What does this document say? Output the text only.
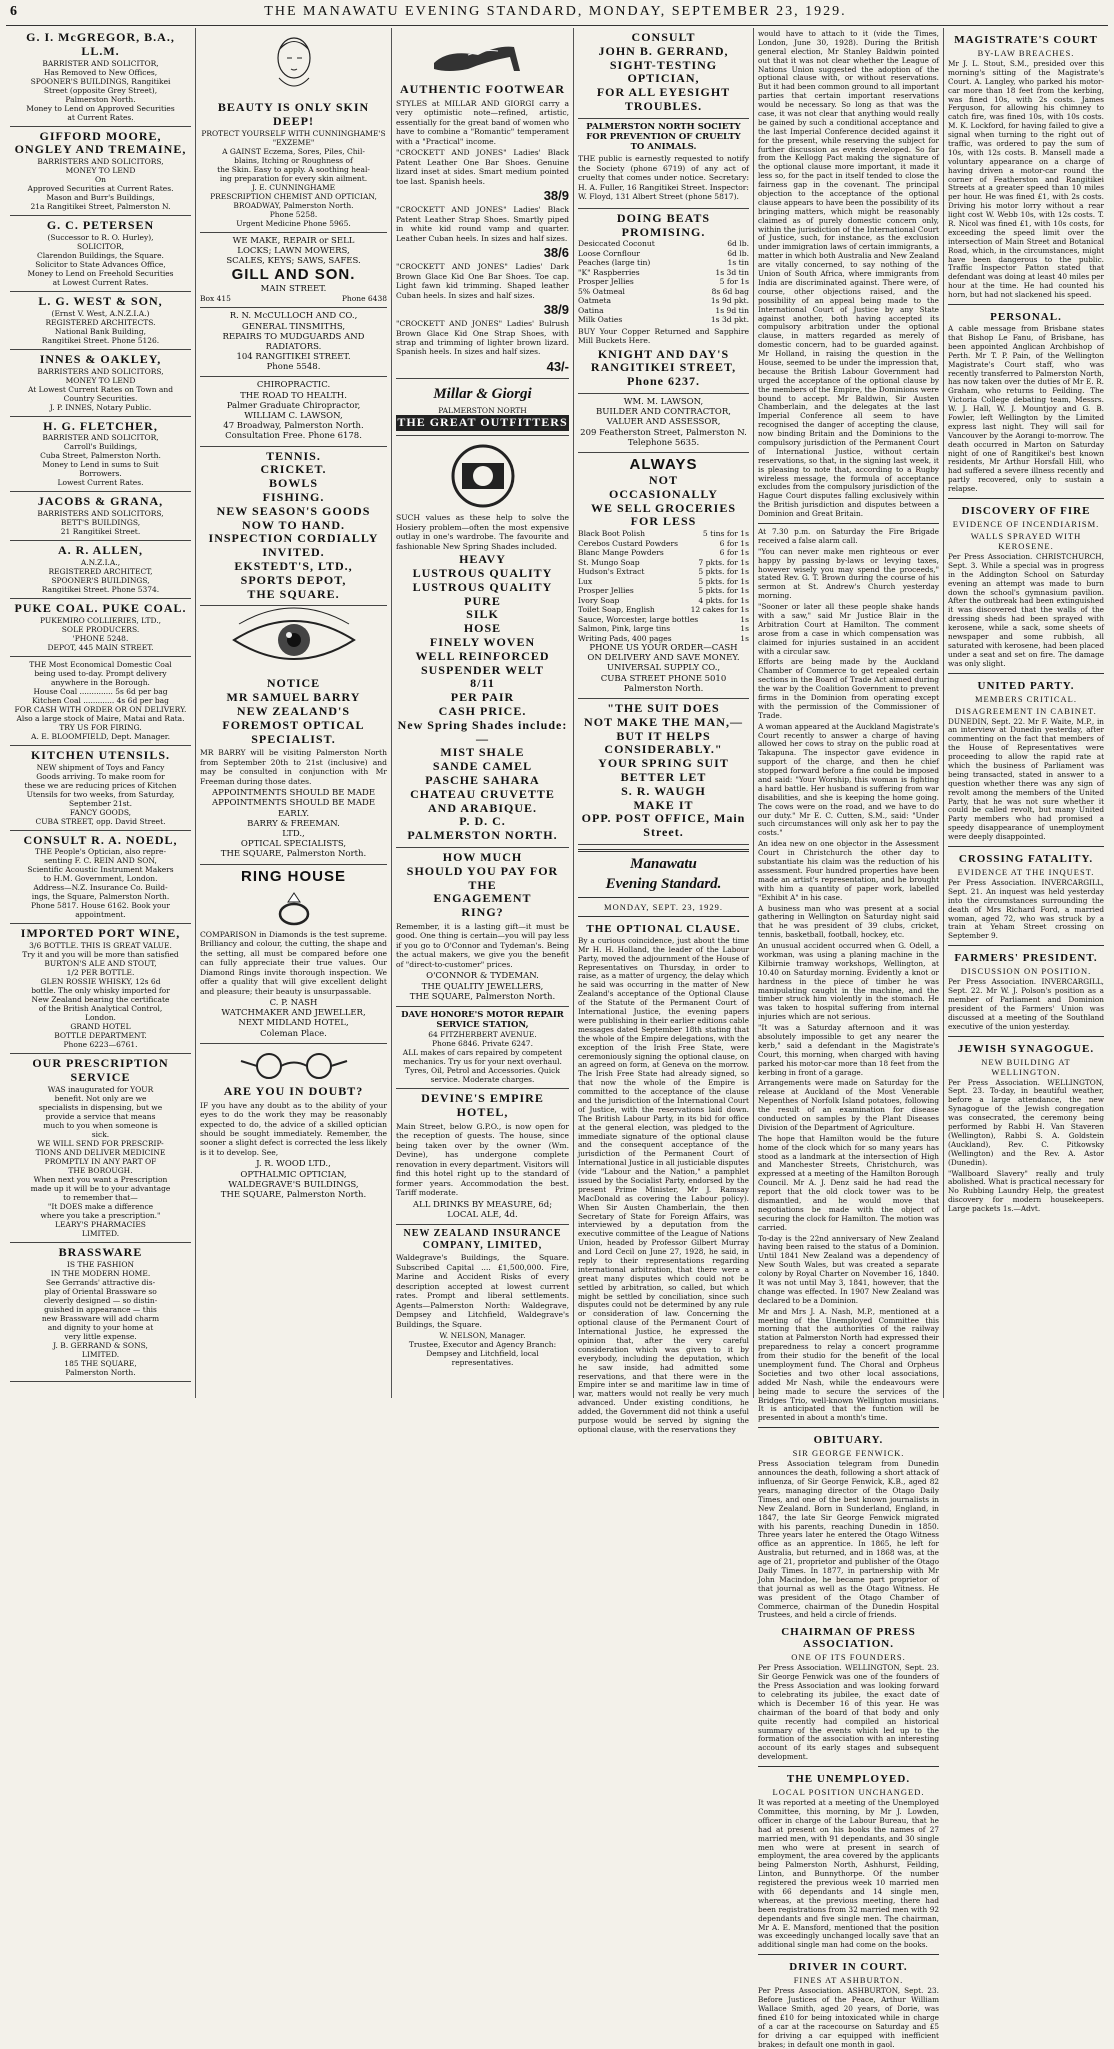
6	THE MANAWATU EVENING STANDARD, MONDAY, SEPTEMBER 23, 1929.
G. I. McGREGOR, B.A., LL.M.
BARRISTER AND SOLICITOR,
Has Removed to New Offices,
SPOONER'S BUILDINGS, Rangitikei
Street (opposite Grey Street),
Palmerston North.
Money to Lend on Approved Securities
at Current Rates.
GIFFORD MOORE, ONGLEY AND TREMAINE,
BARRISTERS AND SOLICITORS,
MONEY TO LEND
On
Approved Securities at Current Rates.
Mason and Burr's Buildings,
21a Rangitikei Street, Palmerston N.
G. C. PETERSEN
(Successor to R. O. Hurley),
SOLICITOR,
Clarendon Buildings, the Square.
Solicitor to State Advances Office,
Money to Lend on Freehold Securities
at Lowest Current Rates.
L. G. WEST & SON,
(Ernst V. West, A.N.Z.I.A.)
REGISTERED ARCHITECTS.
National Bank Building,
Rangitikei Street. Phone 5126.
INNES & OAKLEY,
BARRISTERS AND SOLICITORS,
MONEY TO LEND
At Lowest Current Rates on Town and
Country Securities.
J. P. INNES, Notary Public.
H. G. FLETCHER,
BARRISTER AND SOLICITOR,
Carroll's Buildings,
Cuba Street, Palmerston North.
Money to Lend in sums to Suit
Borrowers.
Lowest Current Rates.
JACOBS & GRANA,
BARRISTERS AND SOLICITORS,
BETT'S BUILDINGS,
21 Rangitikei Street.
A. R. ALLEN,
A.N.Z.I.A.,
REGISTERED ARCHITECT,
SPOONER'S BUILDINGS,
Rangitikei Street. Phone 5374.
PUKE COAL. PUKE COAL.
PUKEMIRO COLLIERIES, LTD.,
SOLE PRODUCERS.
'PHONE 5248.
DEPOT, 445 MAIN STREET.
THE Most Economical Domestic Coal
being used to-day. Prompt delivery
anywhere in the Borough.
House Coal .............. 5s 6d per bag
Kitchen Coal ............. 4s 6d per bag
FOR CASH WITH ORDER OR ON DELIVERY.
Also a large stock of Maire, Matai and Rata.
TRY US FOR FIRING.
A. E. BLOOMFIELD, Dept. Manager.
KITCHEN UTENSILS.
NEW shipment of Toys and Fancy
Goods arriving. To make room for
these we are reducing prices of Kitchen
Utensils for two weeks, from Saturday,
September 21st.
FANCY GOODS,
CUBA STREET, opp. David Street.
CONSULT R. A. NOEDL,
THE People's Optician, also repre-
senting F. C. REIN AND SON,
Scientific Acoustic Instrument Makers
to H.M. Government, London.
Address—N.Z. Insurance Co. Build-
ings, the Square, Palmerston North.
Phone 5817. House 6162. Book your
appointment.
IMPORTED PORT WINE,
3/6 BOTTLE. THIS IS GREAT VALUE.
Try it and you will be more than satisfied
BURTON'S ALE AND STOUT,
1/2 PER BOTTLE.
GLEN ROSSIE WHISKY, 12s 6d
bottle. The only whisky imported for
New Zealand bearing the certificate
of the British Analytical Control,
London.
GRAND HOTEL
BOTTLE DEPARTMENT.
Phone 6223—6761.
OUR PRESCRIPTION SERVICE
WAS inaugurated for YOUR
benefit. Not only are we
specialists in dispensing, but we
provide a service that means
much to you when someone is
sick.
WE WILL SEND FOR PRESCRIP-
TIONS AND DELIVER MEDICINE
PROMPTLY IN ANY PART OF
THE BOROUGH.
When next you want a Prescription
made up it will be to your advantage
to remember that—
"It DOES make a difference
where you take a prescription."
LEARY'S PHARMACIES
LIMITED.
BRASSWARE
IS THE FASHION
IN THE MODERN HOME.
See Gerrands' attractive dis-
play of Oriental Brassware so
cleverly designed — so distin-
guished in appearance — this
new Brassware will add charm
and dignity to your home at
very little expense.
J. B. GERRAND & SONS,
LIMITED.
185 THE SQUARE,
Palmerston North.
BEAUTY IS ONLY SKIN DEEP!
PROTECT YOURSELF WITH CUNNINGHAME'S
"EXZEME"
A GAINST Eczema, Sores, Piles, Chil-
blains, Itching or Roughness of
the Skin. Easy to apply. A soothing heal-
ing preparation for every skin ailment.
J. E. CUNNINGHAME
PRESCRIPTION CHEMIST AND OPTICIAN,
BROADWAY, Palmerston North.
Phone 5258.
Urgent Medicine Phone 5965.
WE MAKE, REPAIR or SELL
LOCKS; LAWN MOWERS,
SCALES, KEYS; SAWS, SAFES.
GILL AND SON.
MAIN STREET.
Box 415	Phone 6438
R. N. McCULLOCH AND CO.,
GENERAL TINSMITHS,
REPAIRS TO MUDGUARDS AND
RADIATORS.
104 RANGITIKEI STREET.
Phone 5548.
CHIROPRACTIC.
THE ROAD TO HEALTH.
Palmer Graduate Chiropractor,
WILLIAM C. LAWSON,
47 Broadway, Palmerston North.
Consultation Free. Phone 6178.
TENNIS.
CRICKET.
BOWLS
FISHING.
NEW SEASON'S GOODS
NOW TO HAND.
INSPECTION CORDIALLY
INVITED.
EKSTEDT'S, LTD.,
SPORTS DEPOT,
THE SQUARE.
NOTICE
MR SAMUEL BARRY
NEW ZEALAND'S
FOREMOST OPTICAL SPECIALIST.
MR BARRY will be visiting Palmerston North from September 20th to 21st (inclusive) and may be consulted in conjunction with Mr Freeman during those dates.
APPOINTMENTS SHOULD BE MADE
APPOINTMENTS SHOULD BE MADE
EARLY.
BARRY & FREEMAN.
LTD.,
OPTICAL SPECIALISTS,
THE SQUARE, Palmerston North.
RING HOUSE
COMPARISON in Diamonds is the test supreme. Brilliancy and colour, the cutting, the shape and the setting, all must be compared before one can fully appreciate their true values. Our Diamond Rings invite thorough inspection. We offer a quality that will give excellent delight and pleasure; their beauty is unsurpassable.
C. P. NASH
WATCHMAKER AND JEWELLER,
NEXT MIDLAND HOTEL,
Coleman Place.
ARE YOU IN DOUBT?
IF you have any doubt as to the ability of your eyes to do the work they may be reasonably expected to do, the advice of a skilled optician should be sought immediately. Remember, the sooner a slight defect is corrected the less likely is it to develop. See,
J. R. WOOD LTD.,
OPTHALMIC OPTICIAN,
WALDEGRAVE'S BUILDINGS,
THE SQUARE, Palmerston North.
AUTHENTIC FOOTWEAR
STYLES at MILLAR AND GIORGI carry a very optimistic note—refined, artistic, essentially for the great band of women who have to combine a "Romantic" temperament with a "Practical" income.
"CROCKETT AND JONES" Ladies' Black Patent Leather One Bar Shoes. Genuine lizard inset at sides. Smart medium pointed toe last. Spanish heels.
38/9
"CROCKETT AND JONES" Ladies' Black Patent Leather Strap Shoes. Smartly piped in white kid round vamp and quarter. Leather Cuban heels. In sizes and half sizes.
38/6
"CROCKETT AND JONES" Ladies' Dark Brown Glace Kid One Bar Shoes. Toe cap. Light fawn kid trimming. Shaped leather Cuban heels. In sizes and half sizes.
38/9
"CROCKETT AND JONES" Ladies' Bulrush Brown Glace Kid One Strap Shoes, with strap and trimming of lighter brown lizard. Spanish heels. In sizes and half sizes.
43/-
Millar & Giorgi
PALMERSTON NORTH
THE GREAT OUTFITTERS
SUCH values as these help to solve the Hosiery problem—often the most expensive outlay in one's wardrobe. The favourite and fashionable New Spring Shades included.
HEAVY
LUSTROUS QUALITY
LUSTROUS QUALITY
PURE
SILK
HOSE
FINELY WOVEN
WELL REINFORCED
SUSPENDER WELT
8/11
PER PAIR
CASH PRICE.
New Spring Shades include:—
MIST SHALE
SANDE CAMEL
PASCHE SAHARA
CHATEAU CRUVETTE
AND ARABIQUE.
P. D. C.
PALMERSTON NORTH.
HOW MUCH
SHOULD YOU PAY FOR THE
ENGAGEMENT
RING?
Remember, it is a lasting gift—it must be good. One thing is certain—you will pay less if you go to O'Connor and Tydeman's. Being the actual makers, we give you the benefit of "direct-to-customer" prices.
O'CONNOR & TYDEMAN.
THE QUALITY JEWELLERS,
THE SQUARE, Palmerston North.
DAVE HONORE'S MOTOR REPAIR SERVICE STATION,
64 FITZHERBERT AVENUE.
Phone 6846. Private 6247.
ALL makes of cars repaired by competent mechanics. Try us for your next overhaul. Tyres, Oil, Petrol and Accessories. Quick service. Moderate charges.
DEVINE'S EMPIRE HOTEL,
Main Street, below G.P.O., is now open for the reception of guests. The house, since being taken over by the owner (Wm. Devine), has undergone complete renovation in every department. Visitors will find this hotel right up to the standard of former years. Accommodation the best. Tariff moderate.
ALL DRINKS BY MEASURE, 6d;
LOCAL ALE, 4d.
NEW ZEALAND INSURANCE COMPANY, LIMITED,
Waldegrave's Buildings, the Square. Subscribed Capital .... £1,500,000. Fire, Marine and Accident Risks of every description accepted at lowest current rates. Prompt and liberal settlements. Agents—Palmerston North: Waldegrave, Dempsey and Litchfield, Waldegrave's Buildings, the Square.
W. NELSON, Manager.
Trustee, Executor and Agency Branch: Dempsey and Litchfield, local representatives.
CONSULT
JOHN B. GERRAND,
SIGHT-TESTING OPTICIAN,
FOR ALL EYESIGHT TROUBLES.
PALMERSTON NORTH SOCIETY FOR PREVENTION OF CRUELTY TO ANIMALS.
THE public is earnestly requested to notify the Society (phone 6719) of any act of cruelty that comes under notice. Secretary: H. A. Fuller, 16 Rangitikei Street. Inspector: W. Floyd, 131 Albert Street (phone 5817).
DOING BEATS PROMISING.
Desiccated Coconut	6d lb.
Loose Cornflour	6d lb.
Peaches (large tin)	1s tin
"K" Raspberries	1s 3d tin
Prosper Jellies	5 for 1s
5% Oatmeal	8s 6d bag
Oatmeta	1s 9d pkt.
Oatina	1s 9d tin
Milk Oaties	1s 3d pkt.
BUY Your Copper Returned and Sapphire Mill Buckets Here.
KNIGHT AND DAY'S
RANGITIKEI STREET, Phone 6237.
WM. M. LAWSON,
BUILDER AND CONTRACTOR, VALUER AND ASSESSOR,
209 Featherston Street, Palmerston N.
Telephone 5635.
ALWAYS
NOT
OCCASIONALLY
WE SELL GROCERIES FOR LESS
Black Boot Polish	5 tins for 1s
Cerebos Custard Powders	6 for 1s
Blanc Mange Powders	6 for 1s
St. Mungo Soap	7 pkts. for 1s
Hudson's Extract	5 pkts. for 1s
Lux	5 pkts. for 1s
Prosper Jellies	5 pkts. for 1s
Ivory Soap	4 pkts. for 1s
Toilet Soap, English	12 cakes for 1s
Sauce, Worcester, large bottles	1s
Salmon, Pink, large tins	1s
Writing Pads, 400 pages	1s
PHONE US YOUR ORDER—CASH
ON DELIVERY AND SAVE MONEY.
UNIVERSAL SUPPLY CO.,
CUBA STREET PHONE 5010
Palmerston North.
"THE SUIT DOES
NOT MAKE THE MAN,—
BUT IT HELPS
CONSIDERABLY."
YOUR SPRING SUIT
BETTER LET
S. R. WAUGH
MAKE IT
OPP. POST OFFICE, Main Street.
Manawatu
Evening Standard.
MONDAY, SEPT. 23, 1929.
THE OPTIONAL CLAUSE.
By a curious coincidence, just about the time Mr H. H. Holland, the leader of the Labour Party, moved the adjournment of the House of Representatives on Thursday, in order to raise, as a matter of urgency, the delay which he said was occurring in the matter of New Zealand's acceptance of the Optional Clause of the Statute of the Permanent Court of International Justice, the evening papers were publishing in their earlier editions cable messages dated September 18th stating that the whole of the Empire delegations, with the exception of the Irish Free State, were ceremoniously signing the optional clause, on an agreed on form, at Geneva on the morrow. The Irish Free State had already signed, so that now the whole of the Empire is committed to the acceptance of the clause and the jurisdiction of the International Court of Justice, with the reservations laid down. The British Labour Party, in its bid for office at the general election, was pledged to the immediate signature of the optional clause and the consequent acceptance of the jurisdiction of the Permanent Court of International Justice in all justiciable disputes (vide "Labour and the Nation," a pamphlet issued by the Socialist Party, endorsed by the present Prime Minister, Mr J. Ramsay MacDonald as covering the Labour policy). When Sir Austen Chamberlain, the then Secretary of State for Foreign Affairs, was interviewed by a deputation from the executive committee of the League of Nations Union, headed by Professor Gilbert Murray and Lord Cecil on June 27, 1928, he said, in reply to their representations regarding international arbitration, that there were a great many disputes which could not be settled by arbitration, so called, but which might be settled by conciliation, since such disputes could not be determined by any rule or consideration of law. Concerning the optional clause of the Permanent Court of International Justice, he expressed the opinion that, after the very careful consideration which was given to it by everybody, including the deputation, which he saw inside, had admitted some reservations, and that there were in the Empire inter se and maritime law in time of war, matters would not really be very much advanced. Under existing conditions, he added, the Government did not think a useful purpose would be served by signing the optional clause, with the reservations they
would have to attach to it (vide the Times, London, June 30, 1928). During the British general election, Mr Stanley Baldwin pointed out that it was not clear whether the League of Nations Union suggested the adoption of the optional clause with, or without reservations. But it had been common ground to all important parties that certain important reservations would be necessary. So long as that was the case, it was not clear that anything would really be gained by such a conditional acceptance and the last Imperial Conference decided against it for the present, while reserving the subject for further discussion as events developed. So far from the Kellogg Pact making the signature of the optional clause more important, it made it less so, for the pact in itself tended to close the fairness gap in the covenant. The principal objection to the acceptance of the optional clause appears to have been the possibility of its bringing matters, which might be reasonably claimed as of purely domestic concern only, within the jurisdiction of the International Court of Justice, such, for instance, as the exclusion under immigration laws of certain immigrants, a matter in which both Australia and New Zealand are vitally concerned, to say nothing of the Union of South Africa, where immigrants from India are discriminated against. There were, of course, other objections raised, and the possibility of an appeal being made to the International Court of Justice by any State against another, both having accepted its compulsory arbitration under the optional clause, in matters regarded as merely of domestic concern, had to be guarded against. Mr Holland, in raising the question in the House, seemed to be under the impression that, because the British Labour Government had urged the acceptance of the optional clause by the members of the Empire, the Dominions were bound to accept. Mr Baldwin, Sir Austen Chamberlain, and the delegates at the last Imperial Conference all seem to have recognised the danger of accepting the clause, now binding Britain and the Dominions to the compulsory jurisdiction of the Permanent Court of International Justice, without certain reservations, so that, in the signing last week, it is pleasing to note that, according to a Rugby wireless message, the formula of acceptance excludes from the compulsory jurisdiction of the Hague Court disputes falling exclusively within the British jurisdiction and disputes between a Dominion and Great Britain.
At 7.30 p.m. on Saturday the Fire Brigade received a false alarm call.
"You can never make men righteous or ever happy by passing by-laws or levying taxes, however wisely you may spend the proceeds," stated Rev. G. T. Brown during the course of his sermon at St. Andrew's Church yesterday morning.
"Sooner or later all these people shake hands with a saw," said Mr Justice Blair in the Arbitration Court at Hamilton. The comment arose from a case in which compensation was claimed for injuries sustained in an accident with a circular saw.
Efforts are being made by the Auckland Chamber of Commerce to get repealed certain sections in the Board of Trade Act aimed during the war by the Coalition Government to prevent firms in the Dominion from operating except with the permission of the Commissioner of Trade.
A woman appeared at the Auckland Magistrate's Court recently to answer a charge of having allowed her cows to stray on the public road at Takapuna. The inspector gave evidence in support of the charge, and then he chief stopped forward before a fine could be imposed and said: "Your Worship, this woman is fighting a hard battle. Her husband is suffering from war disabilities, and she is keeping the home going. The cows were on the road, and we have to do our duty." Mr E. C. Cutten, S.M., said: "Under such circumstances will only ask her to pay the costs."
An idea new on one objector in the Assessment Court in Christchurch the other day to substantiate his claim was the reduction of his assessment. Four hundred properties have been made an artist's representation, and he brought with him a quantity of paper work, labelled "Exhibit A" in his case.
A business man who was present at a social gathering in Wellington on Saturday night said that he was president of 39 clubs, cricket, tennis, basketball, football, hockey, etc.
An unusual accident occurred when G. Odell, a workman, was using a planing machine in the Kilbirnie tramway workshops, Wellington, at 10.40 on Saturday morning. Evidently a knot or hardness in the piece of timber he was manipulating caught in the machine, and the timber struck him violently in the stomach. He was taken to hospital suffering from internal injuries which are not serious.
"It was a Saturday afternoon and it was absolutely impossible to get any nearer the kerb," said a defendant in the Magistrate's Court, this morning, when charged with having parked his motor-car more than 18 feet from the kerbing in front of a garage.
Arrangements were made on Saturday for the release at Auckland of the Most Venerable Nepenthes of Norfolk Island potatoes, following the result of an examination for disease conducted on samples by the Plant Diseases Division of the Department of Agriculture.
The hope that Hamilton would be the future home of the clock which for so many years has stood as a landmark at the intersection of High and Manchester Streets, Christchurch, was expressed at a meeting of the Hamilton Borough Council. Mr A. J. Denz said he had read the report that the old clock tower was to be dismantled, and he would move that negotiations be made with the object of securing the clock for Hamilton. The motion was carried.
To-day is the 22nd anniversary of New Zealand having been raised to the status of a Dominion. Until 1841 New Zealand was a dependency of New South Wales, but was created a separate colony by Royal Charter on November 16, 1840. It was not until May 3, 1841, however, that the change was effected. In 1907 New Zealand was declared to be a Dominion.
Mr and Mrs J. A. Nash, M.P., mentioned at a meeting of the Unemployed Committee this morning that the authorities of the railway station at Palmerston North had expressed their preparedness to relay a concert programme from their studio for the benefit of the local unemployment fund. The Choral and Orpheus Societies and two other local associations, added Mr Nash, while the endeavours were being made to secure the services of the Bridges Trio, well-known Wellington musicians. It is anticipated that the function will be presented in about a month's time.
OBITUARY.
SIR GEORGE FENWICK.
Press Association telegram from Dunedin announces the death, following a short attack of influenza, of Sir George Fenwick, K.B., aged 82 years, managing director of the Otago Daily Times, and one of the best known journalists in New Zealand. Born in Sunderland, England, in 1847, the late Sir George Fenwick migrated with his parents, reaching Dunedin in 1850. Three years later he entered the Otago Witness office as an apprentice. In 1865, he left for Australia, but returned, and in 1868 was, at the age of 21, proprietor and publisher of the Otago Daily Times. In 1877, in partnership with Mr John Macindoe, he became part proprietor of that journal as well as the Otago Witness. He was president of the Otago Chamber of Commerce, chairman of the Dunedin Hospital Trustees, and held a circle of friends.
CHAIRMAN OF PRESS ASSOCIATION.
ONE OF ITS FOUNDERS.
Per Press Association. WELLINGTON, Sept. 23. Sir George Fenwick was one of the founders of the Press Association and was looking forward to celebrating its jubilee, the exact date of which is December 16 of this year. He was chairman of the board of that body and only quite recently had compiled an historical summary of the events which led up to the formation of the association with an interesting account of its early stages and subsequent development.
THE UNEMPLOYED.
LOCAL POSITION UNCHANGED.
It was reported at a meeting of the Unemployed Committee, this morning, by Mr J. Lowden, officer in charge of the Labour Bureau, that he had at present on his books the names of 27 married men, with 91 dependants, and 30 single men who were at present in search of employment, the area covered by the applicants being Palmerston North, Ashhurst, Feilding, Linton, and Bunnythorpe. Of the number registered the previous week 10 married men with 66 dependants and 14 single men, whereas, at the previous meeting, there had been registrations from 32 married men with 92 dependants and five single men. The chairman, Mr A. E. Mansford, mentioned that the position was exceedingly unchanged locally save that an additional single man had come on the books.
DRIVER IN COURT.
FINES AT ASHBURTON.
Per Press Association. ASHBURTON, Sept. 23. Before Justices of the Peace, Arthur William Wallace Smith, aged 20 years, of Dorie, was fined £10 for being intoxicated while in charge of a car at the racecourse on Saturday and £5 for driving a car equipped with inefficient brakes; in default one month in gaol.
MAGISTRATE'S COURT
BY-LAW BREACHES.
Mr J. L. Stout, S.M., presided over this morning's sitting of the Magistrate's Court. A. Langley, who parked his motor-car more than 18 feet from the kerbing, was fined 10s, with 2s costs. James Ferguson, for allowing his chimney to catch fire, was fined 10s, with 10s costs. M. K. Lockford, for having failed to give a signal when turning to the right out of traffic, was ordered to pay the sum of 10s, with 12s costs. B. Mansell made a voluntary appearance on a charge of having driven a motor-car round the corner of Featherston and Rangitikei Streets at a greater speed than 10 miles per hour. He was fined £1, with 2s costs. Driving his motor lorry without a rear light cost W. Webb 10s, with 12s costs. T. R. Nicol was fined £1, with 10s costs, for exceeding the speed limit over the intersection of Main Street and Botanical Road, which, in the circumstances, might have been dangerous to the public. Traffic Inspector Patton stated that defendant was doing at least 40 miles per hour at the time. He had counted his horn, but had not slackened his speed.
PERSONAL.
A cable message from Brisbane states that Bishop Le Fanu, of Brisbane, has been appointed Anglican Archbishop of Perth. Mr T. P. Pain, of the Wellington Magistrate's Court staff, who was recently transferred to Palmerston North, has now taken over the duties of Mr E. R. Graham, who returns to Feilding. The Victoria College debating team, Messrs. W. J. Hall, W. J. Mountjoy and G. B. Fowler, left Wellington by the Limited express last night. They will sail for Vancouver by the Aorangi to-morrow. The death occurred in Marton on Saturday night of one of Rangitikei's best known residents, Mr Arthur Horsfall Hill, who had suffered a severe illness recently and partly recovered, only to sustain a relapse.
DISCOVERY OF FIRE
EVIDENCE OF INCENDIARISM.
WALLS SPRAYED WITH KEROSENE.
Per Press Association. CHRISTCHURCH, Sept. 3. While a special was in progress in the Addington School on Saturday evening an attempt was made to burn down the school's gymnasium pavilion. After the outbreak had been extinguished it was discovered that the walls of the dressing sheds had been sprayed with kerosene, while a sack, some sheets of newspaper and some rubbish, all saturated with kerosene, had been placed under a seat and set on fire. The damage was only slight.
UNITED PARTY.
MEMBERS CRITICAL.
DISAGREEMENT IN CABINET.
DUNEDIN, Sept. 22. Mr F. Waite, M.P., in an interview at Dunedin yesterday, after commenting on the fact that members of the House of Representatives were proceeding to allow the rapid rate at which the business of Parliament was being transacted, stated in answer to a question whether there was any sign of revolt among the members of the United Party, that he was not sure whether it could be called revolt, but many United Party members who had promised a speedy disappearance of unemployment were deeply disappointed.
CROSSING FATALITY.
EVIDENCE AT THE INQUEST.
Per Press Association. INVERCARGILL, Sept. 21. An inquest was held yesterday into the circumstances surrounding the death of Mrs Richard Ford, a married woman, aged 72, who was struck by a train at Yeham Street crossing on September 9.
FARMERS' PRESIDENT.
DISCUSSION ON POSITION.
Per Press Association. INVERCARGILL, Sept. 22. Mr W. J. Polson's position as a member of Parliament and Dominion president of the Farmers' Union was discussed at a meeting of the Southland executive of the union yesterday.
JEWISH SYNAGOGUE.
NEW BUILDING AT WELLINGTON.
Per Press Association. WELLINGTON, Sept. 23. To-day, in beautiful weather, before a large attendance, the new Synagogue of the Jewish congregation was consecrated, the ceremony being performed by Rabbi H. Van Staveren (Wellington), Rabbi S. A. Goldstein (Auckland), Rev. C. Pitkowsky (Wellington) and the Rev. A. Astor (Dunedin).
"Wallboard Slavery" really and truly abolished. What is practical necessary for No Rubbing Laundry Help, the greatest discovery for modern housekeepers. Large packets 1s.—Advt.
